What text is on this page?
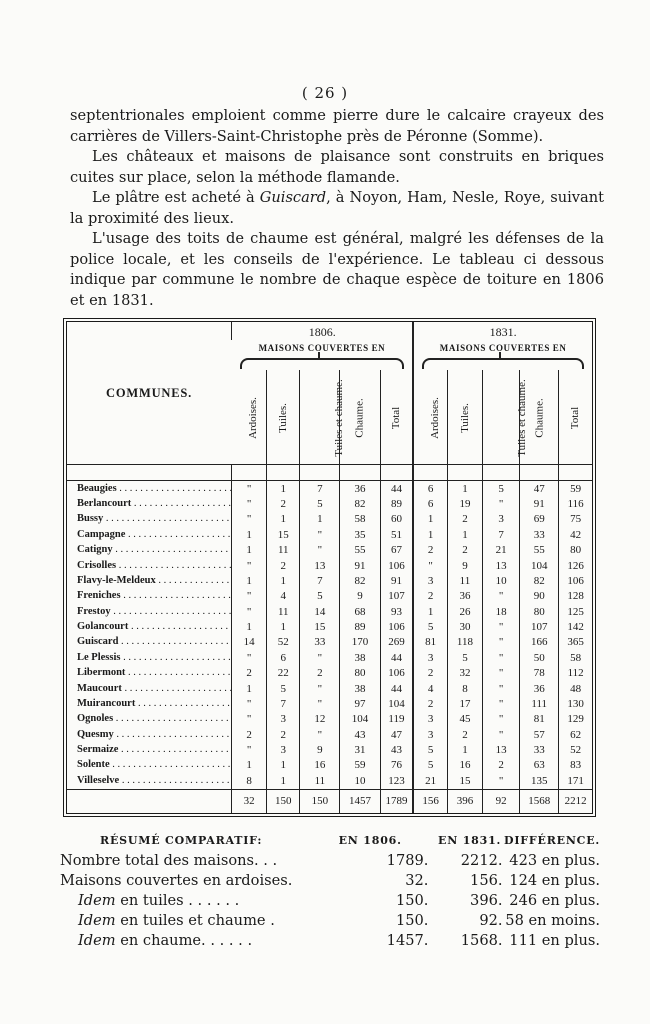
( 26 )

septentrionales emploient comme pierre dure le calcaire crayeux des carrières de Villers-Saint-Christophe près de Péronne (Somme).

Les châteaux et maisons de plaisance sont construits en briques cuites sur place, selon la méthode flamande.

Le plâtre est acheté à Guiscard, à Noyon, Ham, Nesle, Roye, suivant la proximité des lieux.

L'usage des toits de chaume est général, malgré les défenses de la police locale, et les conseils de l'expérience. Le tableau ci dessous indique par commune le nombre de chaque espèce de toiture en 1806 et en 1831.

COMMUNES.	1806.					1831.				
	MAISONS COUVERTES EN					MAISONS COUVERTES EN				

	Ardoises.	Tuiles.	Tuiles et chaume.	Chaume.	Total	Ardoises.	Tuiles.	Tuiles et chaume.	Chaume.	Total

Beaugies . . .	"	1	7	36	44	6	1	5	47	59
Berlancourt . . .	"	2	5	82	89	6	19	"	91	116
Bussy . . .	"	1	1	58	60	1	2	3	69	75
Campagne . . .	1	15	"	35	51	1	1	7	33	42
Catigny . . .	1	11	"	55	67	2	2	21	55	80
Crisolles . . .	"	2	13	91	106	"	9	13	104	126
Flavy-le-Meldeux . . .	1	1	7	82	91	3	11	10	82	106
Freniches . . .	"	4	5	9	107	2	36	"	90	128
Frestoy . . .	"	11	14	68	93	1	26	18	80	125
Golancourt . . .	1	1	15	89	106	5	30	"	107	142
Guiscard . . .	14	52	33	170	269	81	118	"	166	365
Le Plessis . . .	"	6	"	38	44	3	5	"	50	58
Libermont . . .	2	22	2	80	106	2	32	"	78	112
Maucourt . . .	1	5	"	38	44	4	8	"	36	48
Muirancourt . . .	"	7	"	97	104	2	17	"	111	130
Ognoles . . .	"	3	12	104	119	3	45	"	81	129
Quesmy . . .	2	2	"	43	47	3	2	"	57	62
Sermaize . . .	"	3	9	31	43	5	1	13	33	52
Solente . . .	1	1	16	59	76	5	16	2	63	83
Villeselve . . .	8	1	11	10	123	21	15	"	135	171
	32	150	150	1457	1789	156	396	92	1568	2212
RÉSUMÉ COMPARATIF:	EN 1806.	EN 1831. DIFFÉRENCE.
Nombre total des maisons. . .	1789.	2212. 423 en plus.
Maisons couvertes en ardoises.	32.	156. 124 en plus.
Idem en tuiles . . . . . .	150.	396. 246 en plus.
Idem en tuiles et chaume .	150.	92. 58 en moins.
Idem en chaume. . . . . .	1457.	1568. 111 en plus.
